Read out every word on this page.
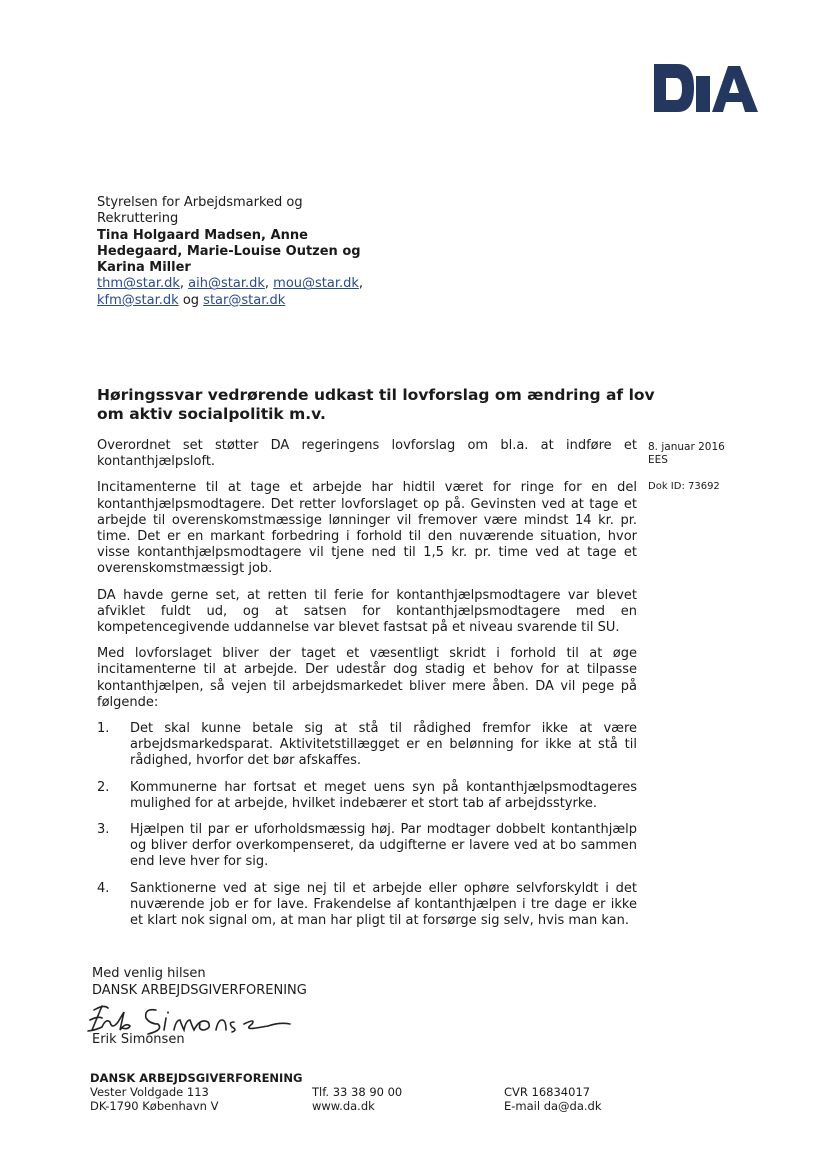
Styrelsen for Arbejdsmarked og
Rekruttering
Tina Holgaard Madsen, Anne
Hedegaard, Marie-Louise Outzen og
Karina Miller
thm@star.dk, aih@star.dk, mou@star.dk,
kfm@star.dk og star@star.dk
Høringssvar vedrørende udkast til lovforslag om ændring af lov om aktiv socialpolitik m.v.
8. januar 2016
EES
Dok ID: 73692

Overordnet set støtter DA regeringens lovforslag om bl.a. at indføre et kontanthjælpsloft.

Incitamenterne til at tage et arbejde har hidtil været for ringe for en del kontanthjælpsmodtagere. Det retter lovforslaget op på. Gevinsten ved at tage et arbejde til overenskomstmæssige lønninger vil fremover være mindst 14 kr. pr. time. Det er en markant forbedring i forhold til den nuværende situation, hvor visse kontanthjælpsmodtagere vil tjene ned til 1,5 kr. pr. time ved at tage et overenskomstmæssigt job.

DA havde gerne set, at retten til ferie for kontanthjælpsmodtagere var blevet afviklet fuldt ud, og at satsen for kontanthjælpsmodtagere med en kompetencegivende uddannelse var blevet fastsat på et niveau svarende til SU.

Med lovforslaget bliver der taget et væsentligt skridt i forhold til at øge incitamenterne til at arbejde. Der udestår dog stadig et behov for at tilpasse kontanthjælpen, så vejen til arbejdsmarkedet bliver mere åben. DA vil pege på følgende:

1.	Det skal kunne betale sig at stå til rådighed fremfor ikke at være arbejdsmarkedsparat. Aktivitetstillægget er en belønning for ikke at stå til rådighed, hvorfor det bør afskaffes.
2.	Kommunerne har fortsat et meget uens syn på kontanthjælpsmodtageres mulighed for at arbejde, hvilket indebærer et stort tab af arbejdsstyrke.
3.	Hjælpen til par er uforholdsmæssig høj. Par modtager dobbelt kontanthjælp og bliver derfor overkompenseret, da udgifterne er lavere ved at bo sammen end leve hver for sig.
4.	Sanktionerne ved at sige nej til et arbejde eller ophøre selvforskyldt i det nuværende job er for lave. Frakendelse af kontanthjælpen i tre dage er ikke et klart nok signal om, at man har pligt til at forsørge sig selv, hvis man kan.
Med venlig hilsen
DANSK ARBEJDSGIVERFORENING
Erik Simonsen
DANSK ARBEJDSGIVERFORENING
Vester Voldgade 113
DK-1790 København V
Tlf. 33 38 90 00
www.da.dk
CVR 16834017
E-mail da@da.dk
